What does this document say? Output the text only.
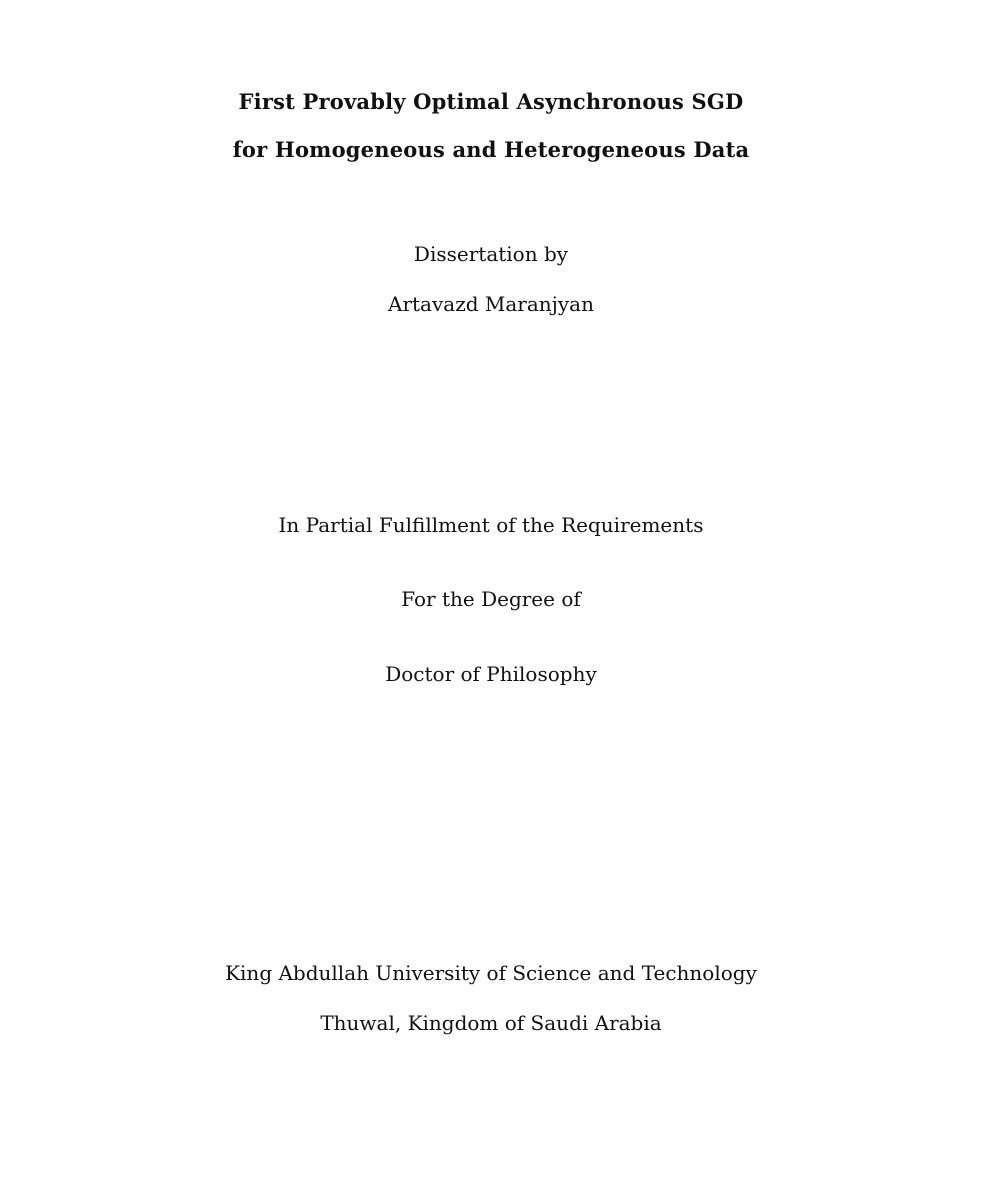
First Provably Optimal Asynchronous SGD
for Homogeneous and Heterogeneous Data
Dissertation by
Artavazd Maranjyan
In Partial Fulfillment of the Requirements
For the Degree of
Doctor of Philosophy
King Abdullah University of Science and Technology
Thuwal, Kingdom of Saudi Arabia
